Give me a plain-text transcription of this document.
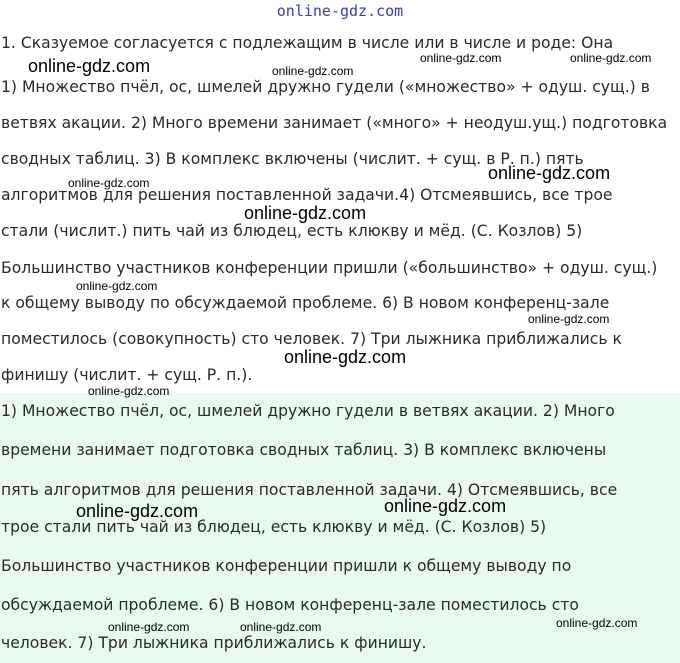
online-gdz.com
1. Сказуемое согласуется с подлежащим в числе или в числе и роде: Она
1) Множество пчёл, ос, шмелей дружно гудели («множество» + одуш. сущ.) в
ветвях акации. 2) Много времени занимает («много» + неодуш.ущ.) подготовка
сводных таблиц. 3) В комплекс включены (числит. + сущ. в Р. п.) пять
алгоритмов для решения поставленной задачи.4) Отсмеявшись, все трое
стали (числит.) пить чай из блюдец, есть клюкву и мёд. (С. Козлов) 5)
Большинство участников конференции пришли («большинство» + одуш. сущ.)
к общему выводу по обсуждаемой проблеме. 6) В новом конференц-зале
поместилось (совокупность) сто человек. 7) Три лыжника приближались к
финишу (числит. + сущ. Р. п.).
1) Множество пчёл, ос, шмелей дружно гудели в ветвях акации. 2) Много
времени занимает подготовка сводных таблиц. 3) В комплекс включены
пять алгоритмов для решения поставленной задачи. 4) Отсмеявшись, все
трое стали пить чай из блюдец, есть клюкву и мёд. (С. Козлов) 5)
Большинство участников конференции пришли к общему выводу по
обсуждаемой проблеме. 6) В новом конференц-зале поместилось сто
человек. 7) Три лыжника приближались к финишу.
online-gdz.com	online-gdz.com
online-gdz.com	online-gdz.com
online-gdz.com	online-gdz.com
online-gdz.com
online-gdz.com
online-gdz.com
online-gdz.com
online-gdz.com
online-gdz.com	online-gdz.com
online-gdz.com	online-gdz.com	online-gdz.com
